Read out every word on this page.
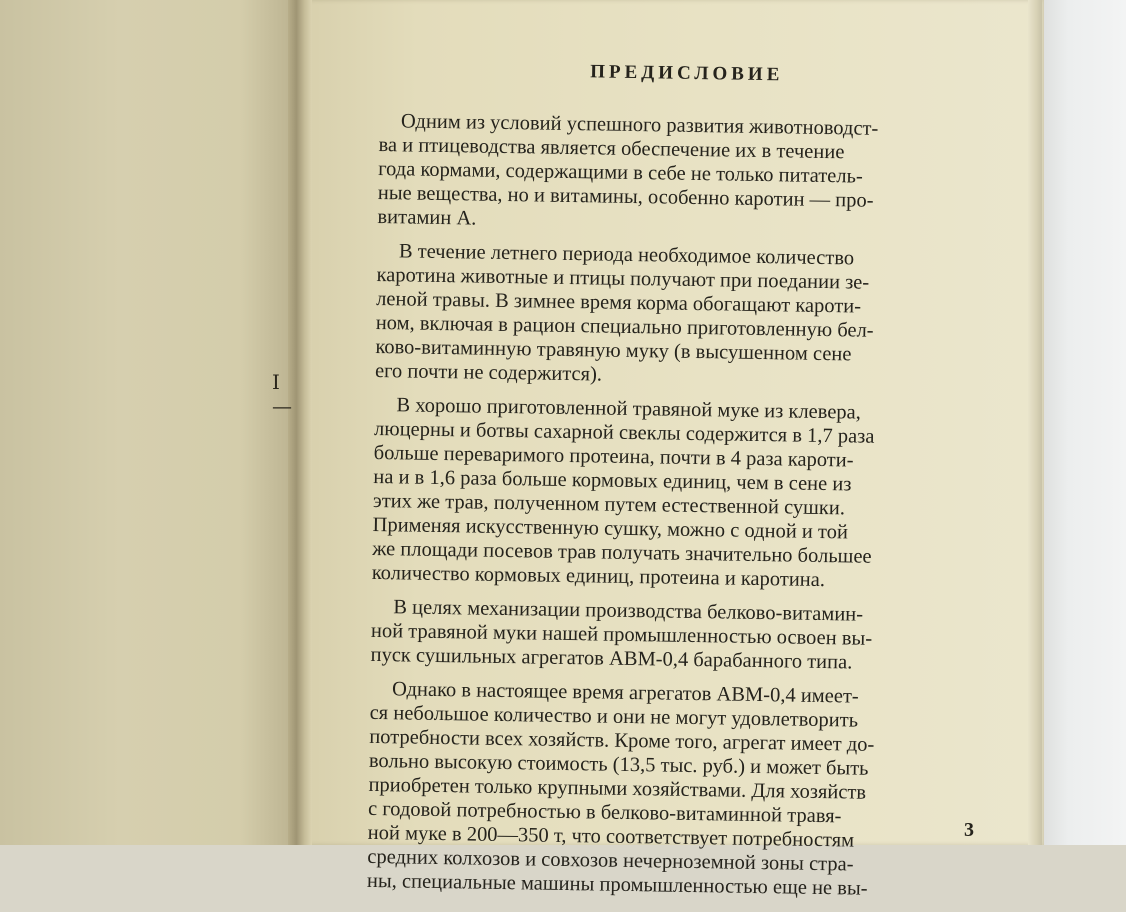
I—
ПРЕДИСЛОВИЕ
Одним из условий успешного развития животноводст-
ва и птицеводства является обеспечение их в течение
года кормами, содержащими в себе не только питатель-
ные вещества, но и витамины, особенно каротин — про-
витамин А.
В течение летнего периода необходимое количество
каротина животные и птицы получают при поедании зе-
леной травы. В зимнее время корма обогащают кароти-
ном, включая в рацион специально приготовленную бел-
ково-витаминную травяную муку (в высушенном сене
его почти не содержится).
В хорошо приготовленной травяной муке из клевера,
люцерны и ботвы сахарной свеклы содержится в 1,7 раза
больше переваримого протеина, почти в 4 раза кароти-
на и в 1,6 раза больше кормовых единиц, чем в сене из
этих же трав, полученном путем естественной сушки.
Применяя искусственную сушку, можно с одной и той
же площади посевов трав получать значительно большее
количество кормовых единиц, протеина и каротина.
В целях механизации производства белково-витамин-
ной травяной муки нашей промышленностью освоен вы-
пуск сушильных агрегатов АВМ-0,4 барабанного типа.
Однако в настоящее время агрегатов АВМ-0,4 имеет-
ся небольшое количество и они не могут удовлетворить
потребности всех хозяйств. Кроме того, агрегат имеет до-
вольно высокую стоимость (13,5 тыс. руб.) и может быть
приобретен только крупными хозяйствами. Для хозяйств
с годовой потребностью в белково-витаминной травя-
ной муке в 200—350 т, что соответствует потребностям
средних колхозов и совхозов нечерноземной зоны стра-
ны, специальные машины промышленностью еще не вы-
3
